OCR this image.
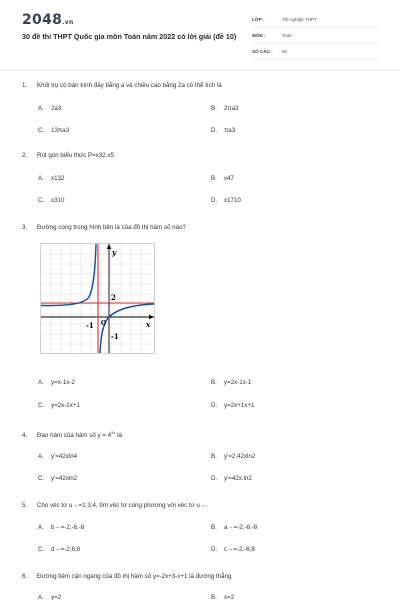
2048.vn
30 đề thi THPT Quốc gia môn Toán năm 2022 có lời giải (đề 10)
LỚP :	Tốt nghiệp THPT
MÔN :	Toán
SỐ CÂU :	50
1. Khối trụ có bán kính đáy bằng a và chiều cao bằng 2a có thể tích là
A. 2a3	B. 2πa3
C. 13πa3	D. πa3
2. Rút gọn biểu thức P=x32.x5
A. x132	B. x47
C. x310	D. x1710
3. Đường cong trong hình bên là của đồ thị hàm số nào?
y
x
2
-1
-1
O
A. y=x-1x-2	B. y=2x-1x-1
C. y=2x-1x+1	D. y=2x+1x+1
4. Đạo hàm của hàm số $y = 4^{2x}$ là
A. y'=42xln4	B. y'=2.42xln2
C. y'=42xln2	D. y'=42x.ln2
5. Cho véc tơ u→=1;3;4, tìm véc tơ cùng phương với véc tơ u→.
A. b→=-2;-6;-8	B. a→=-2;-6;-8
C. d→=-2;6;8	D. c→=-2;-6;8
6. Đường tiệm cận ngang của đồ thị hàm số y=-2x+3-x+1 là đường thẳng
A. y=2	B. x=2
